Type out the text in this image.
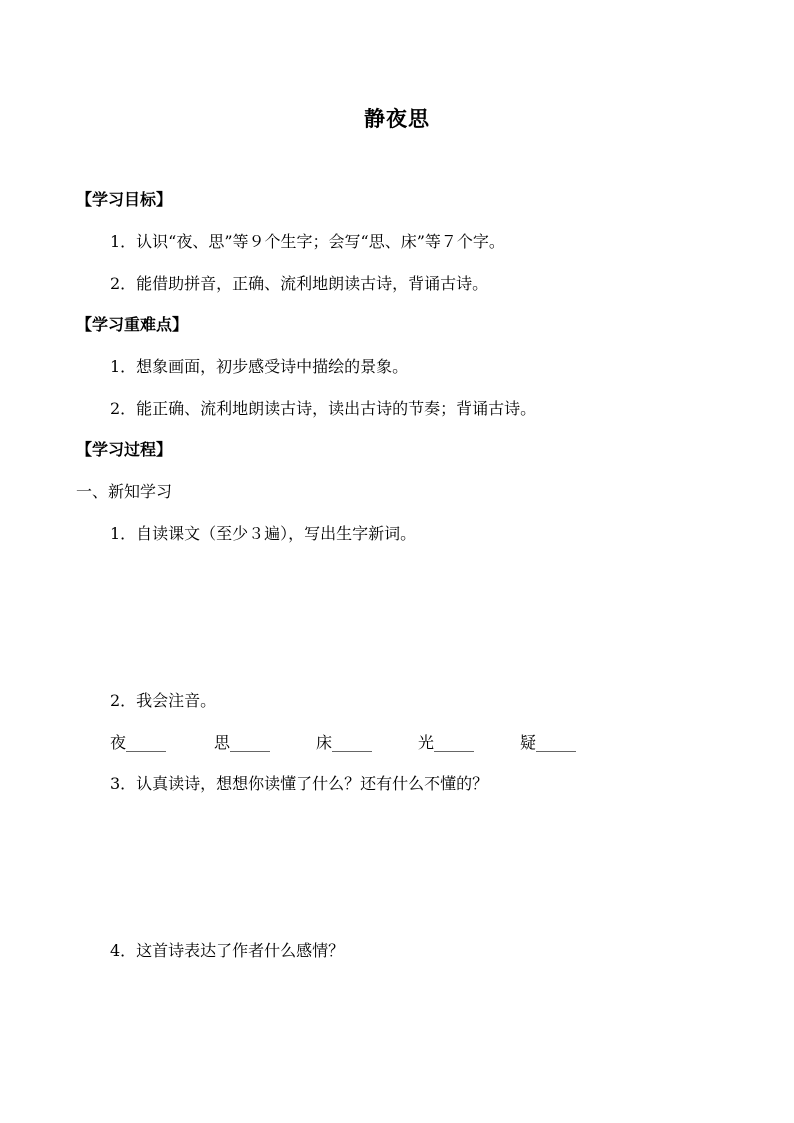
静夜思
【学习目标】
1．认识“夜、思”等９个生字；会写“思、床”等７个字。
2．能借助拼音，正确、流利地朗读古诗，背诵古诗。
【学习重难点】
1．想象画面，初步感受诗中描绘的景象。
2．能正确、流利地朗读古诗，读出古诗的节奏；背诵古诗。
【学习过程】
一、新知学习
1．自读课文（至少３遍），写出生字新词。
2．我会注音。
夜_____	思_____	床_____	光_____	疑_____
3．认真读诗，想想你读懂了什么？还有什么不懂的？
4．这首诗表达了作者什么感情？
